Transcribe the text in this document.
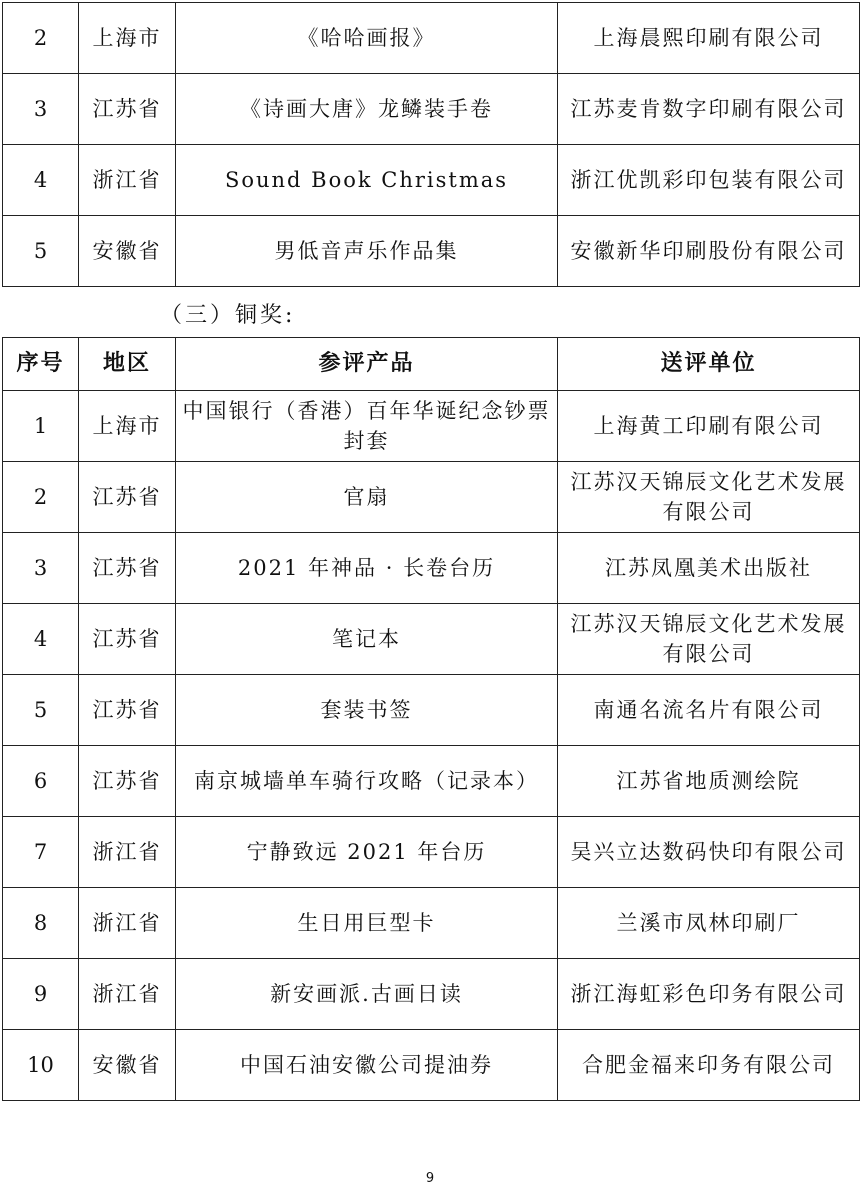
2	上海市	《哈哈画报》	上海晨熙印刷有限公司
3	江苏省	《诗画大唐》龙鳞装手卷	江苏麦肯数字印刷有限公司
4	浙江省	Sound Book Christmas	浙江优凯彩印包装有限公司
5	安徽省	男低音声乐作品集	安徽新华印刷股份有限公司
（三）铜奖:
序号	地区	参评产品	送评单位
1	上海市	中国银行（香港）百年华诞纪念钞票封套	上海黄工印刷有限公司
2	江苏省	官扇	江苏汉天锦辰文化艺术发展有限公司
3	江苏省	2021 年神品 · 长卷台历	江苏凤凰美术出版社
4	江苏省	笔记本	江苏汉天锦辰文化艺术发展有限公司
5	江苏省	套装书签	南通名流名片有限公司
6	江苏省	南京城墙单车骑行攻略（记录本）	江苏省地质测绘院
7	浙江省	宁静致远 2021 年台历	吴兴立达数码快印有限公司
8	浙江省	生日用巨型卡	兰溪市凤林印刷厂
9	浙江省	新安画派.古画日读	浙江海虹彩色印务有限公司
10	安徽省	中国石油安徽公司提油券	合肥金福来印务有限公司
9
